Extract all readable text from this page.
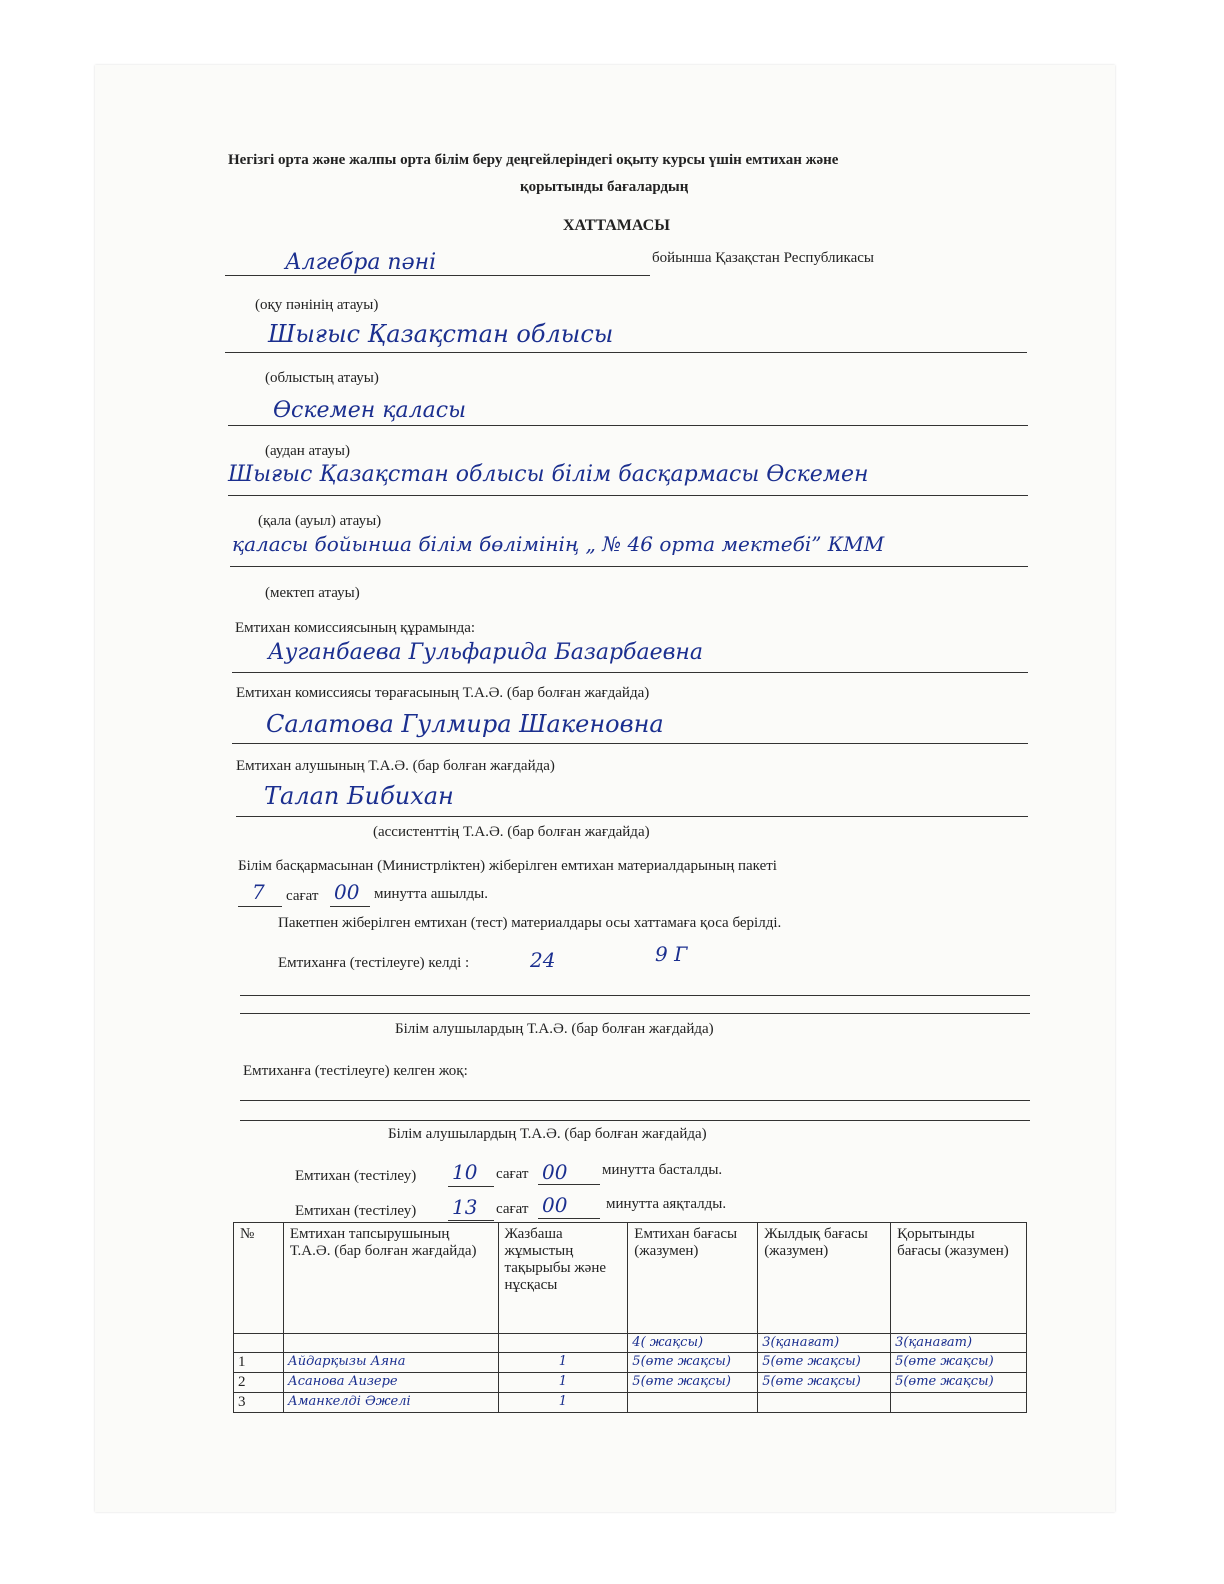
Негізгі орта және жалпы орта білім беру деңгейлеріндегі оқыту курсы үшін емтихан және
қорытынды бағалардың
ХАТТАМАСЫ
Алгебра пәні	бойынша Қазақстан Республикасы
(оқу пәнінің атауы)
Шығыс Қазақстан облысы
(облыстың атауы)
Өскемен қаласы
(аудан атауы)
Шығыс Қазақстан облысы білім басқармасы Өскемен
(қала (ауыл) атауы)
қаласы бойынша білім бөлімінің „ № 46 орта мектебі” КММ
(мектеп атауы)
Емтихан комиссиясының құрамында:
Ауганбаева Гульфарида Базарбаевна
Емтихан комиссиясы төрағасының Т.А.Ә. (бар болған жағдайда)
Салатова Гулмира Шакеновна
Емтихан алушының Т.А.Ә. (бар болған жағдайда)
Талап Бибихан
(ассистенттің Т.А.Ә. (бар болған жағдайда)
Білім басқармасынан (Министрліктен) жіберілген емтихан материалдарының пакеті
7 сағат 00 минутта ашылды.
Пакетпен жіберілген емтихан (тест) материалдары осы хаттамаға қоса берілді.
Емтиханға (тестілеуге) келді :	24	9 Г
Білім алушылардың Т.А.Ә. (бар болған жағдайда)
Емтиханға (тестілеуге) келген жоқ:
Білім алушылардың Т.А.Ә. (бар болған жағдайда)
Емтихан (тестілеу) 10 сағат 00 минутта басталды.
Емтихан (тестілеу) 13 сағат 00	минутта аяқталды.
№	Емтихан тапсырушының Т.А.Ә. (бар болған жағдайда)	Жазбаша жұмыстың тақырыбы және нұсқасы	Емтихан бағасы (жазумен)	Жылдық бағасы (жазумен)	Қорытынды бағасы (жазумен)
			4( жақсы)	3(қанағат)	3(қанағат)
1	Айдарқызы Аяна	1	5(өте жақсы)	5(өте жақсы)	5(өте жақсы)
2	Асанова Аизере	1	5(өте жақсы)	5(өте жақсы)	5(өте жақсы)
3	Аманкелді Әжелі	1			
